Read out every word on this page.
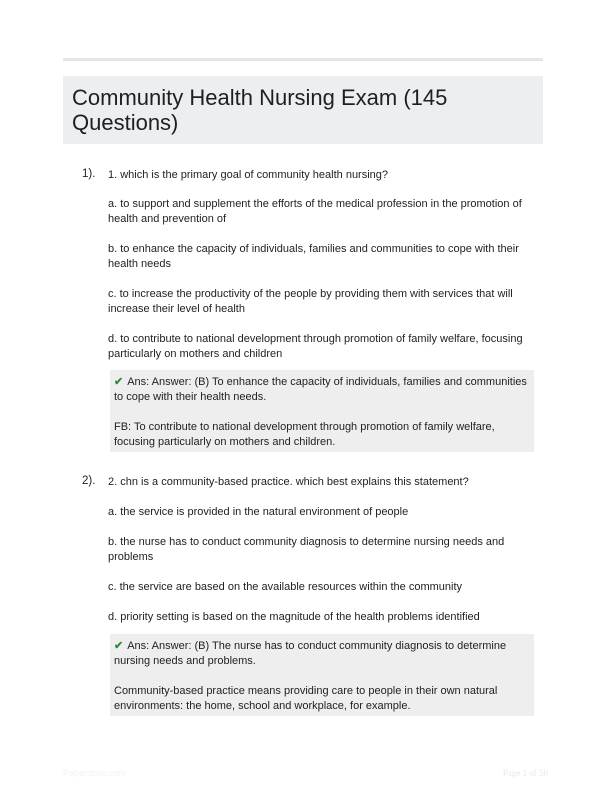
Community Health Nursing Exam (145 Questions)
1). 1. which is the primary goal of community health nursing?
a. to support and supplement the efforts of the medical profession in the promotion of health and prevention of
b. to enhance the capacity of individuals, families and communities to cope with their health needs
c. to increase the productivity of the people by providing them with services that will increase their level of health
d. to contribute to national development through promotion of family welfare, focusing particularly on mothers and children

✔ Ans: Answer: (B) To enhance the capacity of individuals, families and communities to cope with their health needs.

FB: To contribute to national development through promotion of family welfare, focusing particularly on mothers and children.

2). 2. chn is a community-based practice. which best explains this statement?
a. the service is provided in the natural environment of people
b. the nurse has to conduct community diagnosis to determine nursing needs and problems
c. the service are based on the available resources within the community
d. priority setting is based on the magnitude of the health problems identified

✔ Ans: Answer: (B) The nurse has to conduct community diagnosis to determine nursing needs and problems.

Community-based practice means providing care to people in their own natural environments: the home, school and workplace, for example.

Paperdrive.com	Page 1 of 50
